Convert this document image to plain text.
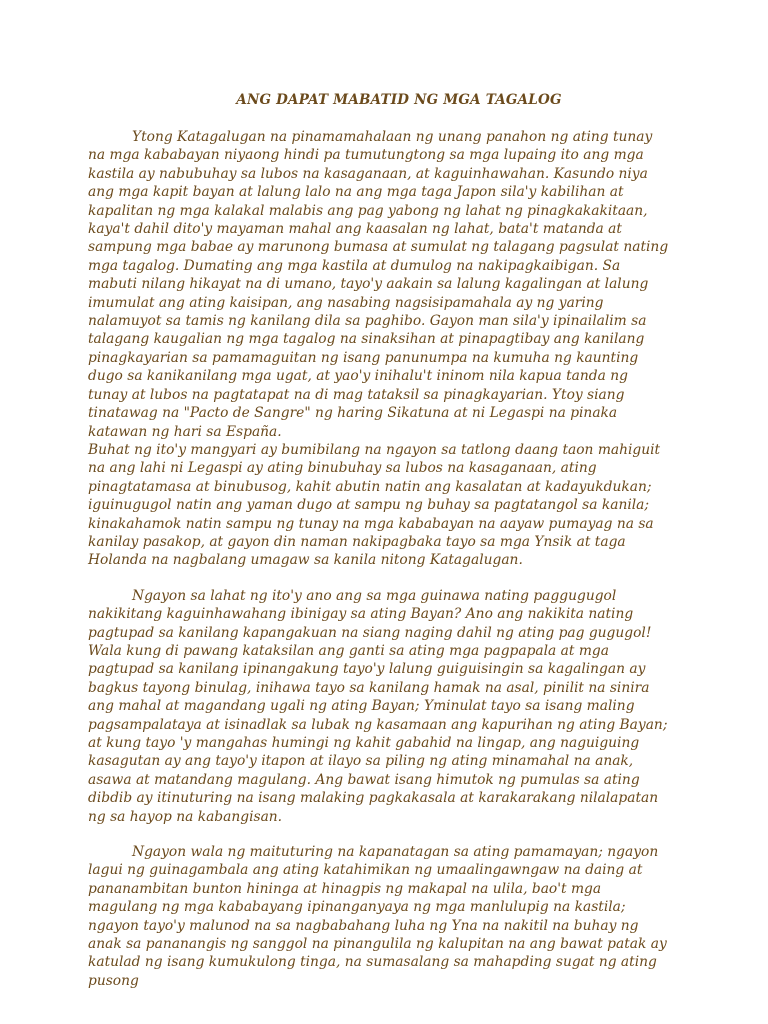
ANG DAPAT MABATID NG MGA TAGALOG

Ytong Katagalugan na pinamamahalaan ng unang panahon ng ating tunay na mga kababayan niyaong hindi pa tumutungtong sa mga lupaing ito ang mga kastila ay nabubuhay sa lubos na kasaganaan, at kaguinhawahan. Kasundo niya ang mga kapit bayan at lalung lalo na ang mga taga Japon sila'y kabilihan at kapalitan ng mga kalakal malabis ang pag yabong ng lahat ng pinagkakakitaan, kaya't dahil dito'y mayaman mahal ang kaasalan ng lahat, bata't matanda at sampung mga babae ay marunong bumasa at sumulat ng talagang pagsulat nating mga tagalog. Dumating ang mga kastila at dumulog na nakipagkaibigan. Sa mabuti nilang hikayat na di umano, tayo'y aakain sa lalung kagalingan at lalung imumulat ang ating kaisipan, ang nasabing nagsisipamahala ay ng yaring nalamuyot sa tamis ng kanilang dila sa paghibo. Gayon man sila'y ipinailalim sa talagang kaugalian ng mga tagalog na sinaksihan at pinapagtibay ang kanilang pinagkayarian sa pamamaguitan ng isang panunumpa na kumuha ng kaunting dugo sa kanikanilang mga ugat, at yao'y inihalu't ininom nila kapua tanda ng tunay at lubos na pagtatapat na di mag tataksil sa pinagkayarian. Ytoy siang tinatawag na "Pacto de Sangre" ng haring Sikatuna at ni Legaspi na pinaka katawan ng hari sa España.

Buhat ng ito'y mangyari ay bumibilang na ngayon sa tatlong daang taon mahiguit na ang lahi ni Legaspi ay ating binubuhay sa lubos na kasaganaan, ating pinagtatamasa at binubusog, kahit abutin natin ang kasalatan at kadayukdukan; iguinugugol natin ang yaman dugo at sampu ng buhay sa pagtatangol sa kanila; kinakahamok natin sampu ng tunay na mga kababayan na aayaw pumayag na sa kanilay pasakop, at gayon din naman nakipagbaka tayo sa mga Ynsik at taga Holanda na nagbalang umagaw sa kanila nitong Katagalugan.

Ngayon sa lahat ng ito'y ano ang sa mga guinawa nating paggugugol nakikitang kaguinhawahang ibinigay sa ating Bayan? Ano ang nakikita nating pagtupad sa kanilang kapangakuan na siang naging dahil ng ating pag gugugol! Wala kung di pawang kataksilan ang ganti sa ating mga pagpapala at mga pagtupad sa kanilang ipinangakung tayo'y lalung guiguisingin sa kagalingan ay bagkus tayong binulag, inihawa tayo sa kanilang hamak na asal, pinilit na sinira ang mahal at magandang ugali ng ating Bayan; Yminulat tayo sa isang maling pagsampalataya at isinadlak sa lubak ng kasamaan ang kapurihan ng ating Bayan; at kung tayo 'y mangahas humingi ng kahit gabahid na lingap, ang naguiguing kasagutan ay ang tayo'y itapon at ilayo sa piling ng ating minamahal na anak, asawa at matandang magulang. Ang bawat isang himutok ng pumulas sa ating dibdib ay itinuturing na isang malaking pagkakasala at karakarakang nilalapatan ng sa hayop na kabangisan.

Ngayon wala ng maituturing na kapanatagan sa ating pamamayan; ngayon lagui ng guinagambala ang ating katahimikan ng umaalingawngaw na daing at pananambitan bunton hininga at hinagpis ng makapal na ulila, bao't mga magulang ng mga kababayang ipinanganyaya ng mga manlulupig na kastila; ngayon tayo'y malunod na sa nagbabahang luha ng Yna na nakitil na buhay ng anak sa pananangis ng sanggol na pinangulila ng kalupitan na ang bawat patak ay katulad ng isang kumukulong tinga, na sumasalang sa mahapding sugat ng ating pusong
